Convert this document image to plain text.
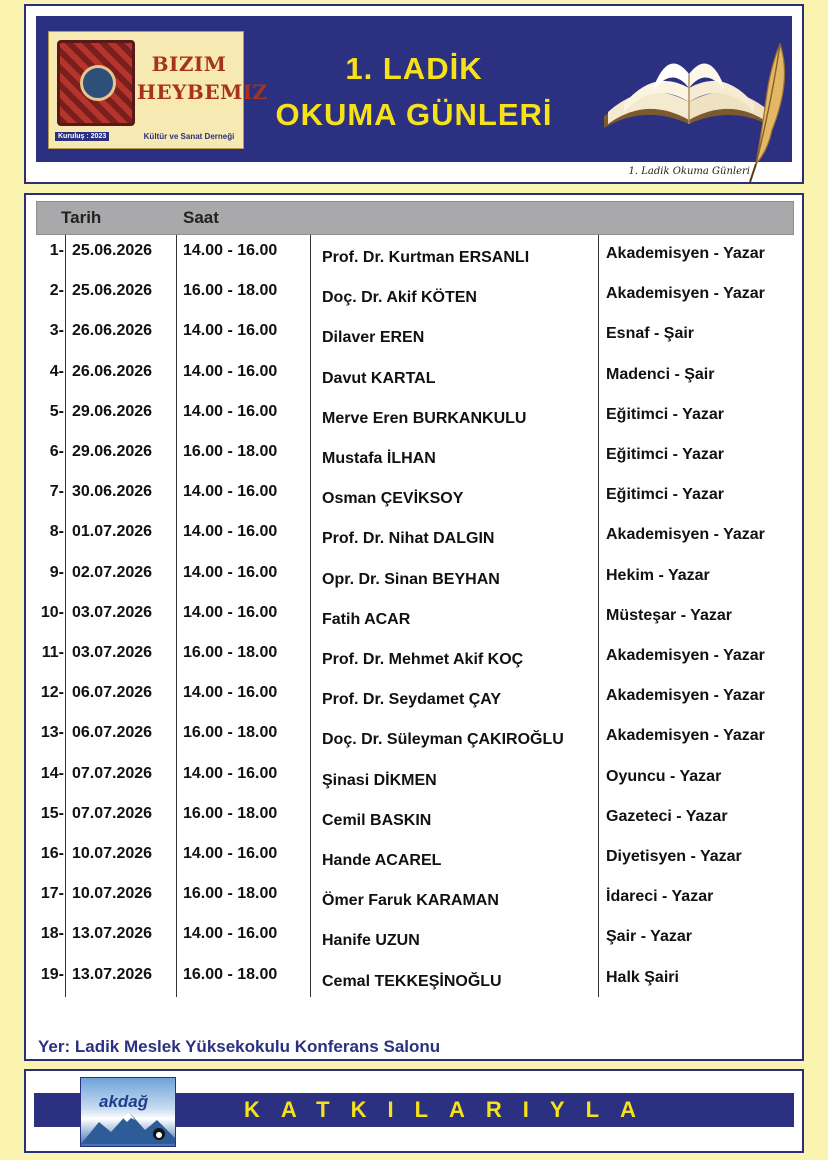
BIZIM
HEYBEMIZ
Kuruluş : 2023	Kültür ve Sanat Derneği
1. LADİK
OKUMA GÜNLERİ
1. Ladik Okuma Günleri
Tarih	Saat
1- 25.06.2026 14.00 - 16.00	Prof. Dr. Kurtman ERSANLI	Akademisyen - Yazar
2- 25.06.2026 16.00 - 18.00	Doç. Dr. Akif KÖTEN	Akademisyen - Yazar
3- 26.06.2026 14.00 - 16.00	Dilaver EREN	Esnaf - Şair
4- 26.06.2026 14.00 - 16.00	Davut KARTAL	Madenci - Şair
5- 29.06.2026 14.00 - 16.00	Merve Eren BURKANKULU	Eğitimci - Yazar
6- 29.06.2026 16.00 - 18.00	Mustafa İLHAN	Eğitimci - Yazar
7- 30.06.2026 14.00 - 16.00	Osman ÇEVİKSOY	Eğitimci - Yazar
8- 01.07.2026 14.00 - 16.00	Prof. Dr. Nihat DALGIN	Akademisyen - Yazar
9- 02.07.2026 14.00 - 16.00	Opr. Dr. Sinan BEYHAN	Hekim - Yazar
10- 03.07.2026 14.00 - 16.00	Fatih ACAR	Müsteşar - Yazar
11- 03.07.2026 16.00 - 18.00	Prof. Dr. Mehmet Akif KOÇ	Akademisyen - Yazar
12- 06.07.2026 14.00 - 16.00	Prof. Dr. Seydamet ÇAY	Akademisyen - Yazar
13- 06.07.2026 16.00 - 18.00	Doç. Dr. Süleyman ÇAKIROĞLU	Akademisyen - Yazar
14- 07.07.2026 14.00 - 16.00	Şinasi DİKMEN	Oyuncu - Yazar
15- 07.07.2026 16.00 - 18.00	Cemil BASKIN	Gazeteci - Yazar
16- 10.07.2026 14.00 - 16.00	Hande ACAREL	Diyetisyen - Yazar
17- 10.07.2026 16.00 - 18.00	Ömer Faruk KARAMAN	İdareci - Yazar
18- 13.07.2026 14.00 - 16.00	Hanife UZUN	Şair - Yazar
19- 13.07.2026 16.00 - 18.00	Cemal TEKKEŞİNOĞLU	Halk Şairi
Yer: Ladik Meslek Yüksekokulu Konferans Salonu
KATKILARIYLA
akdağ
